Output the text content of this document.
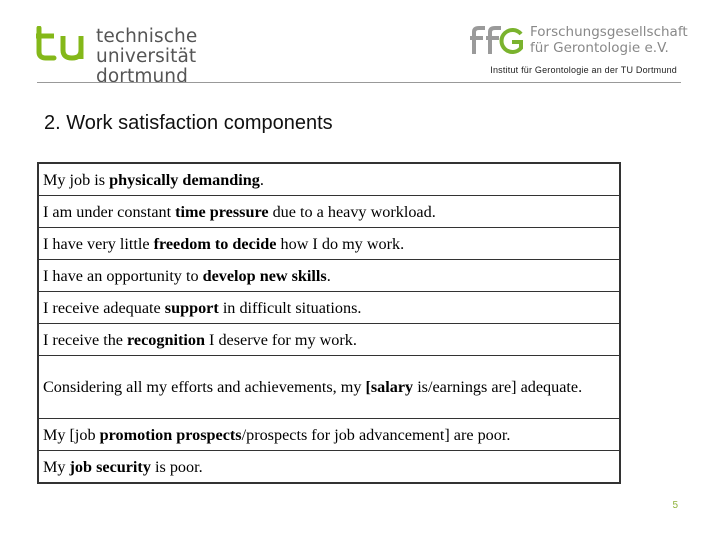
technische universität
dortmund
Forschungsgesellschaft
für Gerontologie e.V.
Institut für Gerontologie an der TU Dortmund
2. Work satisfaction components
My job is physically demanding.
I am under constant time pressure due to a heavy workload.
I have very little freedom to decide how I do my work.
I have an opportunity to develop new skills.
I receive adequate support in difficult situations.
I receive the recognition I deserve for my work.
Considering all my efforts and achievements, my [salary is/earnings are] adequate.
My [job promotion prospects/prospects for job advancement] are poor.
My job security is poor.
5
